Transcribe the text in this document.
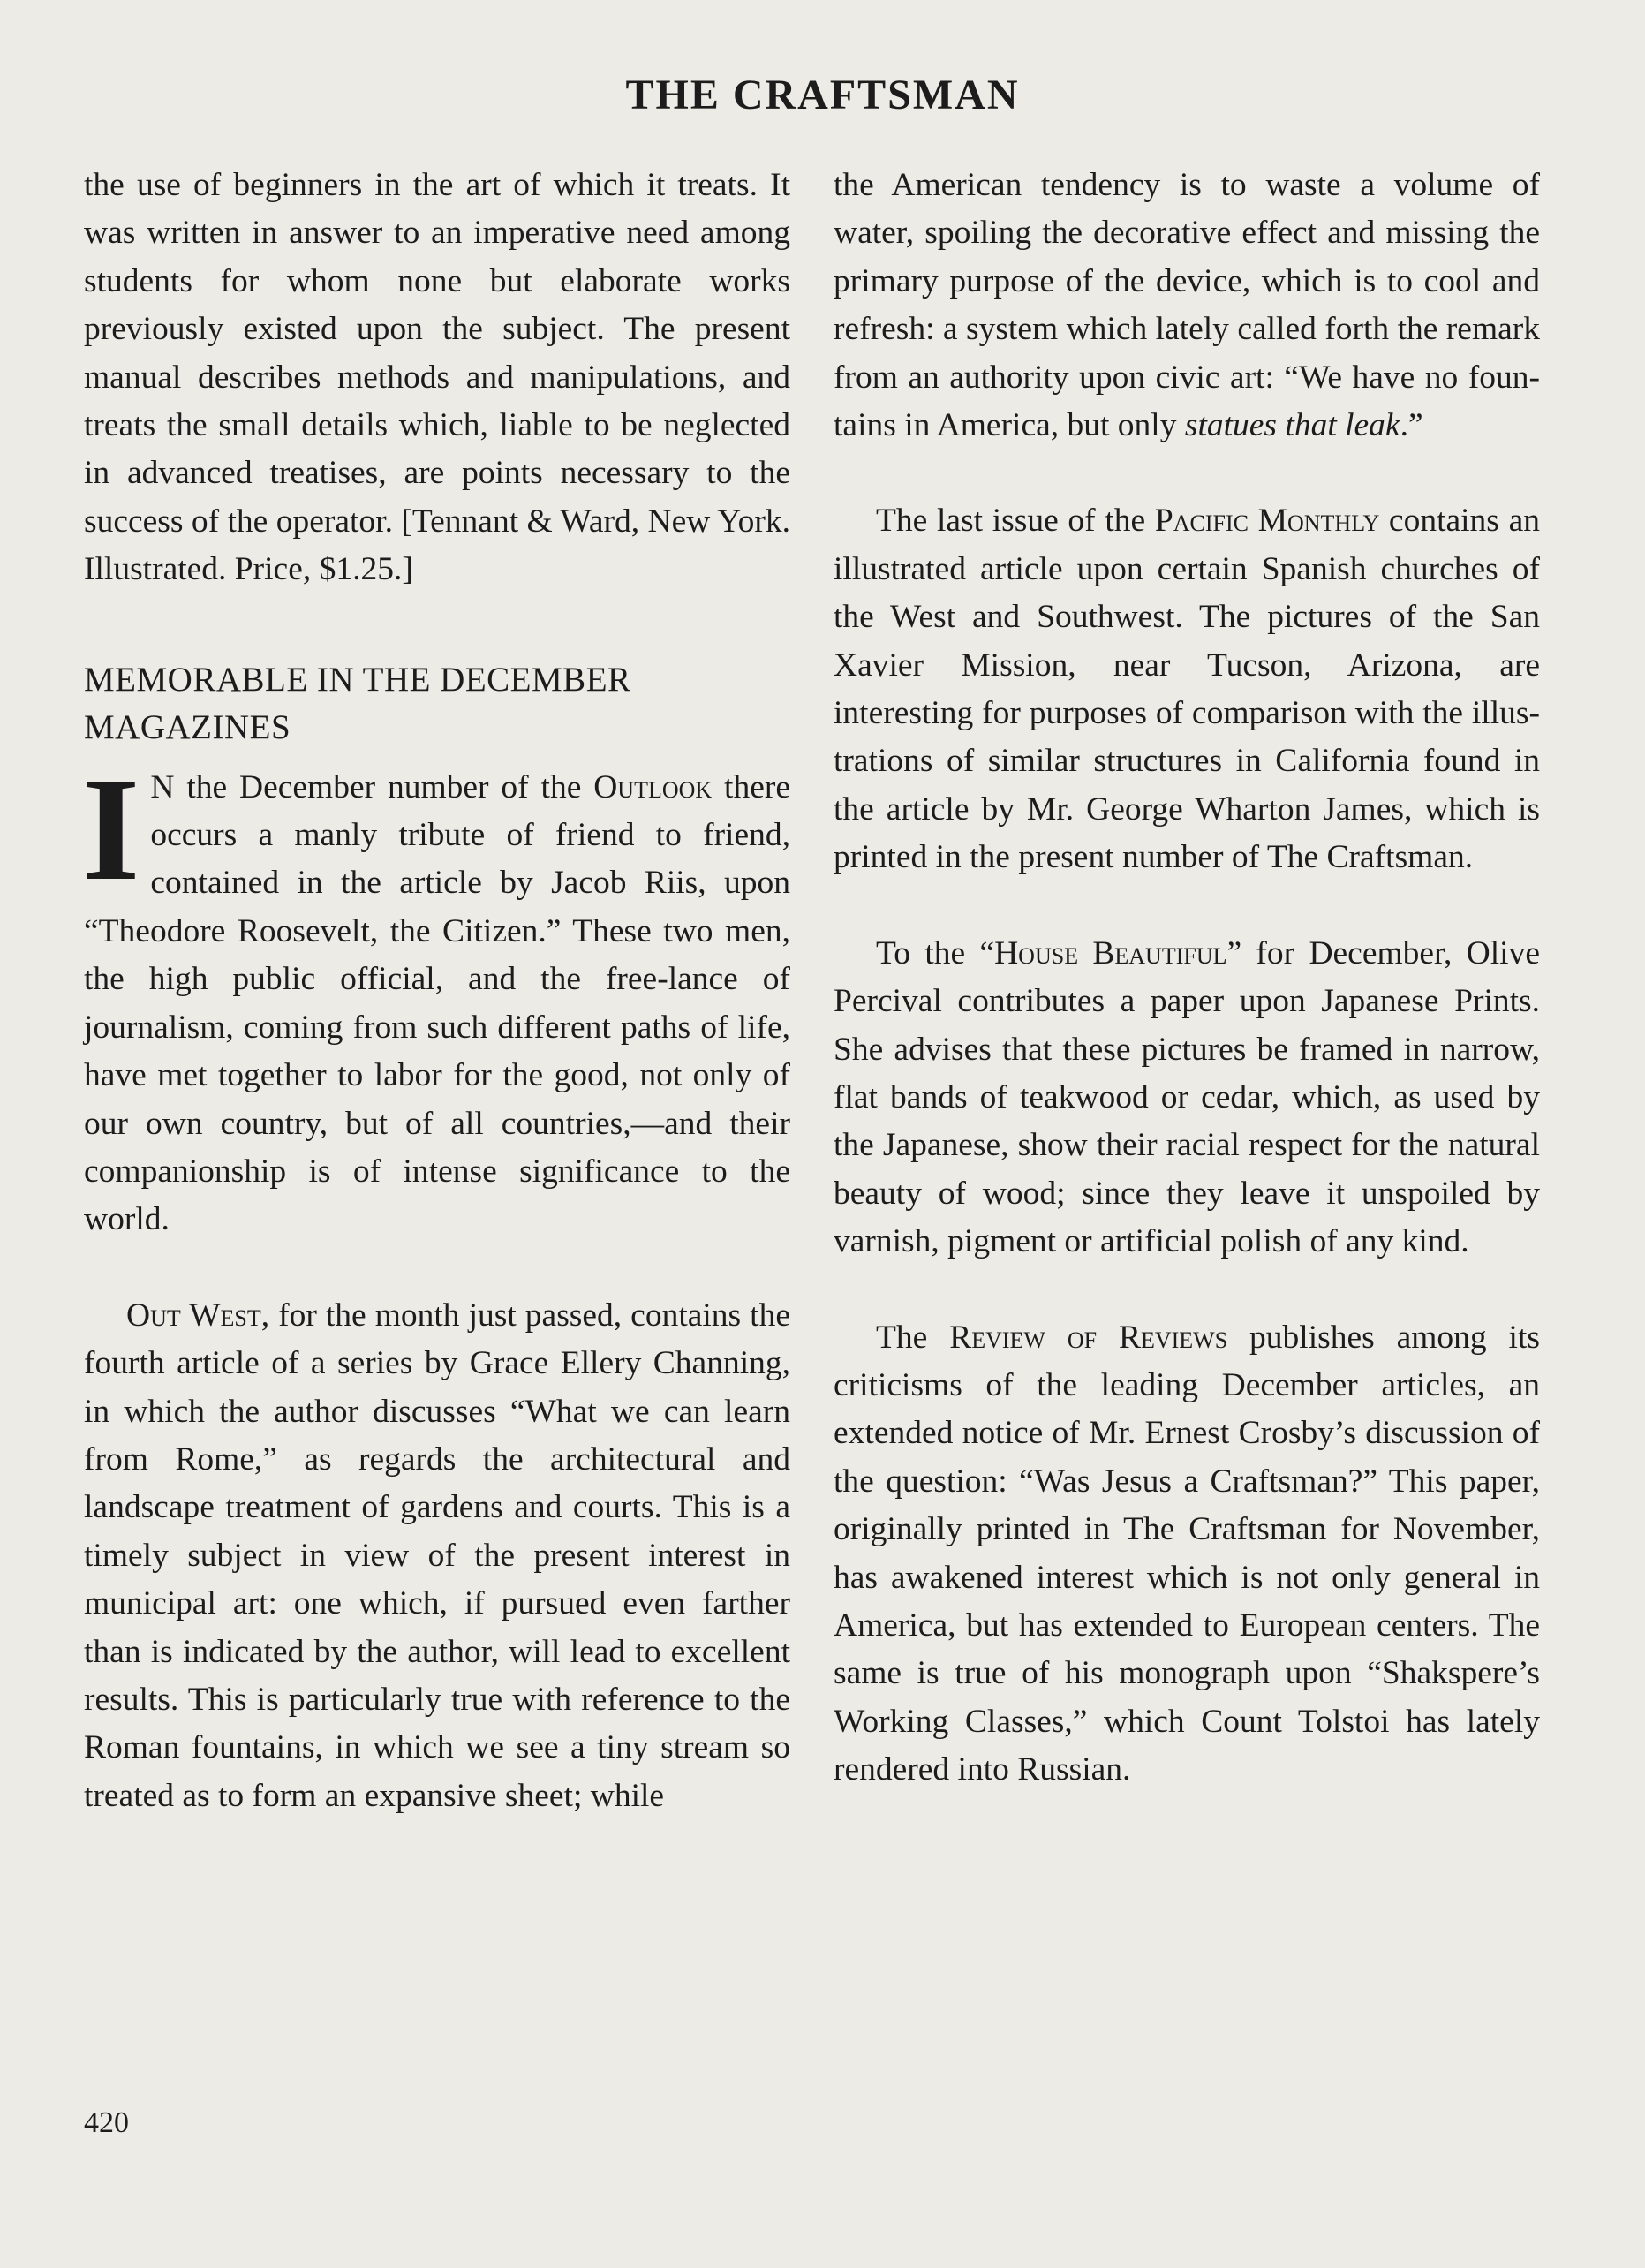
THE CRAFTSMAN

the use of beginners in the art of which it treats. It was written in answer to an imperative need among students for whom none but elaborate works previously existed upon the subject. The present manual describes methods and manipulations, and treats the small details which, liable to be neglected in advanced treatises, are points necessary to the success of the operator. [Tennant & Ward, New York. Illustrated. Price, $1.25.]

MEMORABLE IN THE DECEMBER MAGAZINES

I N the December number of the Outlook there occurs a manly tribute of friend to friend, contained in the article by Jacob Riis, upon “Theodore Roosevelt, the Citizen.” These two men, the high public official, and the free-lance of journalism, coming from such different paths of life, have met together to labor for the good, not only of our own country, but of all countries,—and their companionship is of intense significance to the world.

Out West, for the month just passed, contains the fourth article of a series by Grace Ellery Channing, in which the author discusses “What we can learn from Rome,” as regards the architectural and landscape treatment of gardens and courts. This is a timely subject in view of the present interest in municipal art: one which, if pursued even farther than is indicated by the author, will lead to excellent results. This is particularly true with reference to the Roman fountains, in which we see a tiny stream so treated as to form an expansive sheet; while

the American tendency is to waste a volume of water, spoiling the decorative effect and missing the primary purpose of the device, which is to cool and refresh: a system which lately called forth the remark from an authority upon civic art: “We have no fountains in America, but only statues that leak.”

The last issue of the Pacific Monthly contains an illustrated article upon certain Spanish churches of the West and Southwest. The pictures of the San Xavier Mission, near Tucson, Arizona, are interesting for purposes of comparison with the illustrations of similar structures in California found in the article by Mr. George Wharton James, which is printed in the present number of The Craftsman.

To the “House Beautiful” for December, Olive Percival contributes a paper upon Japanese Prints. She advises that these pictures be framed in narrow, flat bands of teakwood or cedar, which, as used by the Japanese, show their racial respect for the natural beauty of wood; since they leave it unspoiled by varnish, pigment or artificial polish of any kind.

The Review of Reviews publishes among its criticisms of the leading December articles, an extended notice of Mr. Ernest Crosby’s discussion of the question: “Was Jesus a Craftsman?” This paper, originally printed in The Craftsman for November, has awakened interest which is not only general in America, but has extended to European centers. The same is true of his monograph upon “Shakspere’s Working Classes,” which Count Tolstoi has lately rendered into Russian.

420
